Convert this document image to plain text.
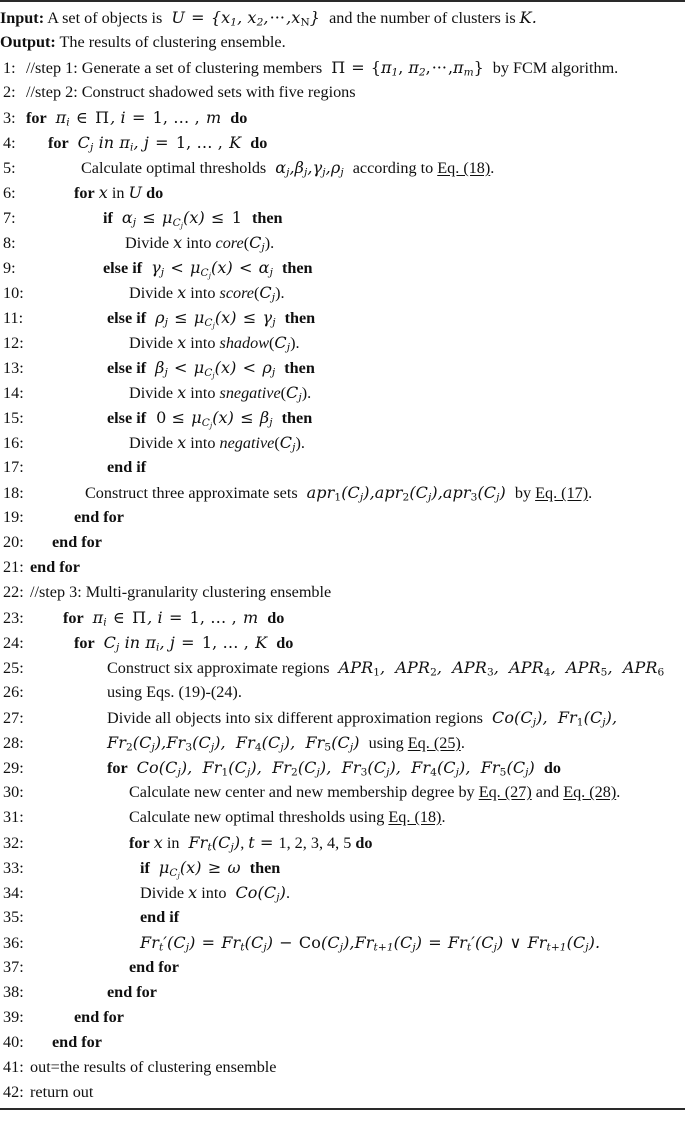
Input: A set of objects is $U = \{x_1$, $x_2,\cdot\cdot\cdot,x_N$} and the number of clusters is K.
Output: The results of clustering ensemble.
1: //step 1: Generate a set of clustering members $\Pi = \{\pi_1$, $\pi_2,\cdot\cdot\cdot,\pi_m$} by FCM algorithm.
2: //step 2: Construct shadowed sets with five regions
3: for $\pi_i$ ∈ Π, i = 1, … , m do
4:	for $C_j$ in $\pi_i$, j = 1, … , K do
5:	Calculate optimal thresholds $\alpha_j,\beta_j,\gamma_j,\rho_j$ according to Eq. (18).
6:	for x in U do
7:	if $\alpha_j \le \mu_{C_j}(x) \le 1$ then
8:	Divide x into $core(C_j)$.
9:	else if $\gamma_j < \mu_{C_j}(x) < \alpha_j$ then
10:	Divide x into $score(C_j)$.
11:	else if $\rho_j \le \mu_{C_j}(x) \le \gamma_j$ then
12:	Divide x into $shadow(C_j)$.
13:	else if $\beta_j < \mu_{C_j}(x) < \rho_j$ then
14:	Divide x into $snegative(C_j)$.
15:	else if $0 \le \mu_{C_j}(x) \le \beta_j$ then
16:	Divide x into $negative(C_j)$.
17:	end if
18:	Construct three approximate sets $apr_1(C_j),apr_2(C_j),apr_3(C_j)$ by Eq. (17).
19:	end for
20:	end for
21: end for
22: //step 3: Multi-granularity clustering ensemble
23:	for $\pi_i$ ∈ Π, i = 1, … , m do
24:	for $C_j$ in $\pi_i$, j = 1, … , K do
25:	Construct six approximate regions $APR_1$, $APR_2$, $APR_3$, $APR_4$, $APR_5$, $APR_6$
26:	using Eqs. (19)-(24).
27:	Divide all objects into six different approximation regions $Co(C_j)$, $Fr_1(C_j)$,
28:	$Fr_2(C_j),Fr_3(C_j)$, $Fr_4(C_j)$, $Fr_5(C_j)$ using Eq. (25).
29:	for $Co(C_j)$, $Fr_1(C_j)$, $Fr_2(C_j)$, $Fr_3(C_j)$, $Fr_4(C_j)$, $Fr_5(C_j)$ do
30:	Calculate new center and new membership degree by Eq. (27) and Eq. (28).
31:	Calculate new optimal thresholds using Eq. (18).
32:	for x in $Fr_t(C_j)$, t = 1, 2, 3, 4, 5 do
33:	if $\mu_{C_j}(x) \ge \omega$ then
34:	Divide x into $Co(C_j)$.
35:	end if
36:	$Fr_t'(C_j) = Fr_t(C_j) - Co(C_j),Fr_{t+1}(C_j) = Fr_t'(C_j)$ ∨ $Fr_{t+1}(C_j)$.
37:	end for
38:	end for
39:	end for
40:	end for
41: out=the results of clustering ensemble
42: return out
